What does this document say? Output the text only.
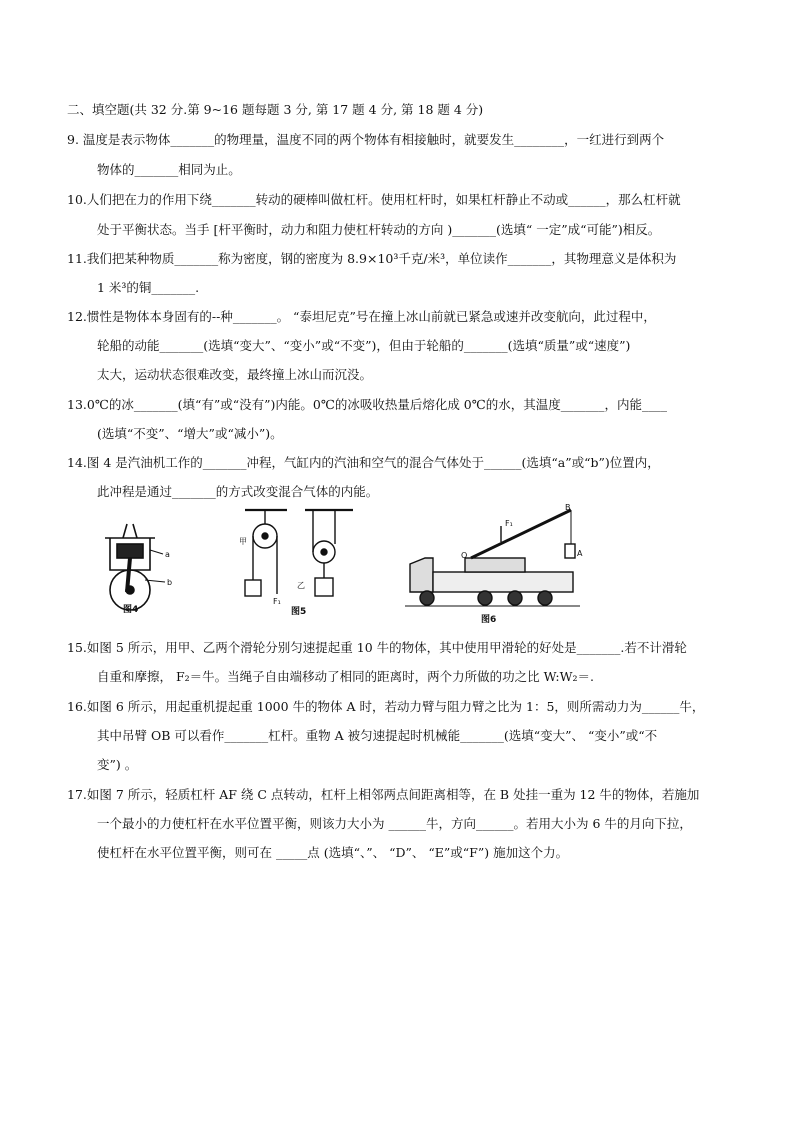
二、填空题(共 32 分.第 9~16 题每题 3 分, 第 17 题 4 分, 第 18 题 4 分)
9. 温度是表示物体_______的物理量，温度不同的两个物体有相接触时，就要发生________，一红进行到两个
物体的_______相同为止。
10.人们把在力的作用下绕_______转动的硬棒叫做杠杆。使用杠杆时，如果杠杆静止不动或______，那么杠杆就
处于平衡状态。当手 [杆平衡时，动力和阻力使杠杆转动的方向 )_______(选填“ 一定”成“可能”)相反。
11.我们把某种物质_______称为密度，钢的密度为 8.9×10³千克/米³，单位读作_______，其物理意义是体积为
1 米³的铜_______.
12.惯性是物体本身固有的--种_______。 “泰坦尼克”号在撞上冰山前就已紧急或速并改变航向，此过程中，
轮船的动能_______(选填“变大”、“变小”或“不变”)，但由于轮船的_______(选填“质量”或“速度”)
太大，运动状态很难改变，最终撞上冰山而沉没。
13.0℃的冰_______(填“有”或“没有”)内能。0℃的冰吸收热量后熔化成 0℃的水，其温度_______，内能____
(选填“不变”、“增大”或“减小”)。
14.图 4 是汽油机工作的_______冲程，气缸内的汽油和空气的混合气体处于______(选填“a”或“b”)位置内，
此冲程是通过_______的方式改变混合气体的内能。
a
b
图4
甲
乙
F₁
图5
B
A
O
F₁
图6
15.如图 5 所示，用甲、乙两个滑轮分别匀速提起重 10 牛的物体，其中使用甲滑轮的好处是_______.若不计滑轮
自重和摩擦， F₂＝牛。当绳子自由端移动了相同的距离时，两个力所做的功之比 W:W₂＝.
16.如图 6 所示，用起重机提起重 1000 牛的物体 A 时，若动力臂与阻力臂之比为 1：5，则所需动力为______牛，
其中吊臂 OB 可以看作_______杠杆。重物 A 被匀速提起时机械能_______(选填“变大”、 “变小”或“不
变”) 。
17.如图 7 所示，轻质杠杆 AF 绕 C 点转动，杠杆上相邻两点间距离相等，在 B 处挂一重为 12 牛的物体，若施加
一个最小的力使杠杆在水平位置平衡，则该力大小为 ______牛，方向______。若用大小为 6 牛的月向下拉，
使杠杆在水平位置平衡，则可在 _____点 (选填“、”、 “D”、 “E”或“F”) 施加这个力。
